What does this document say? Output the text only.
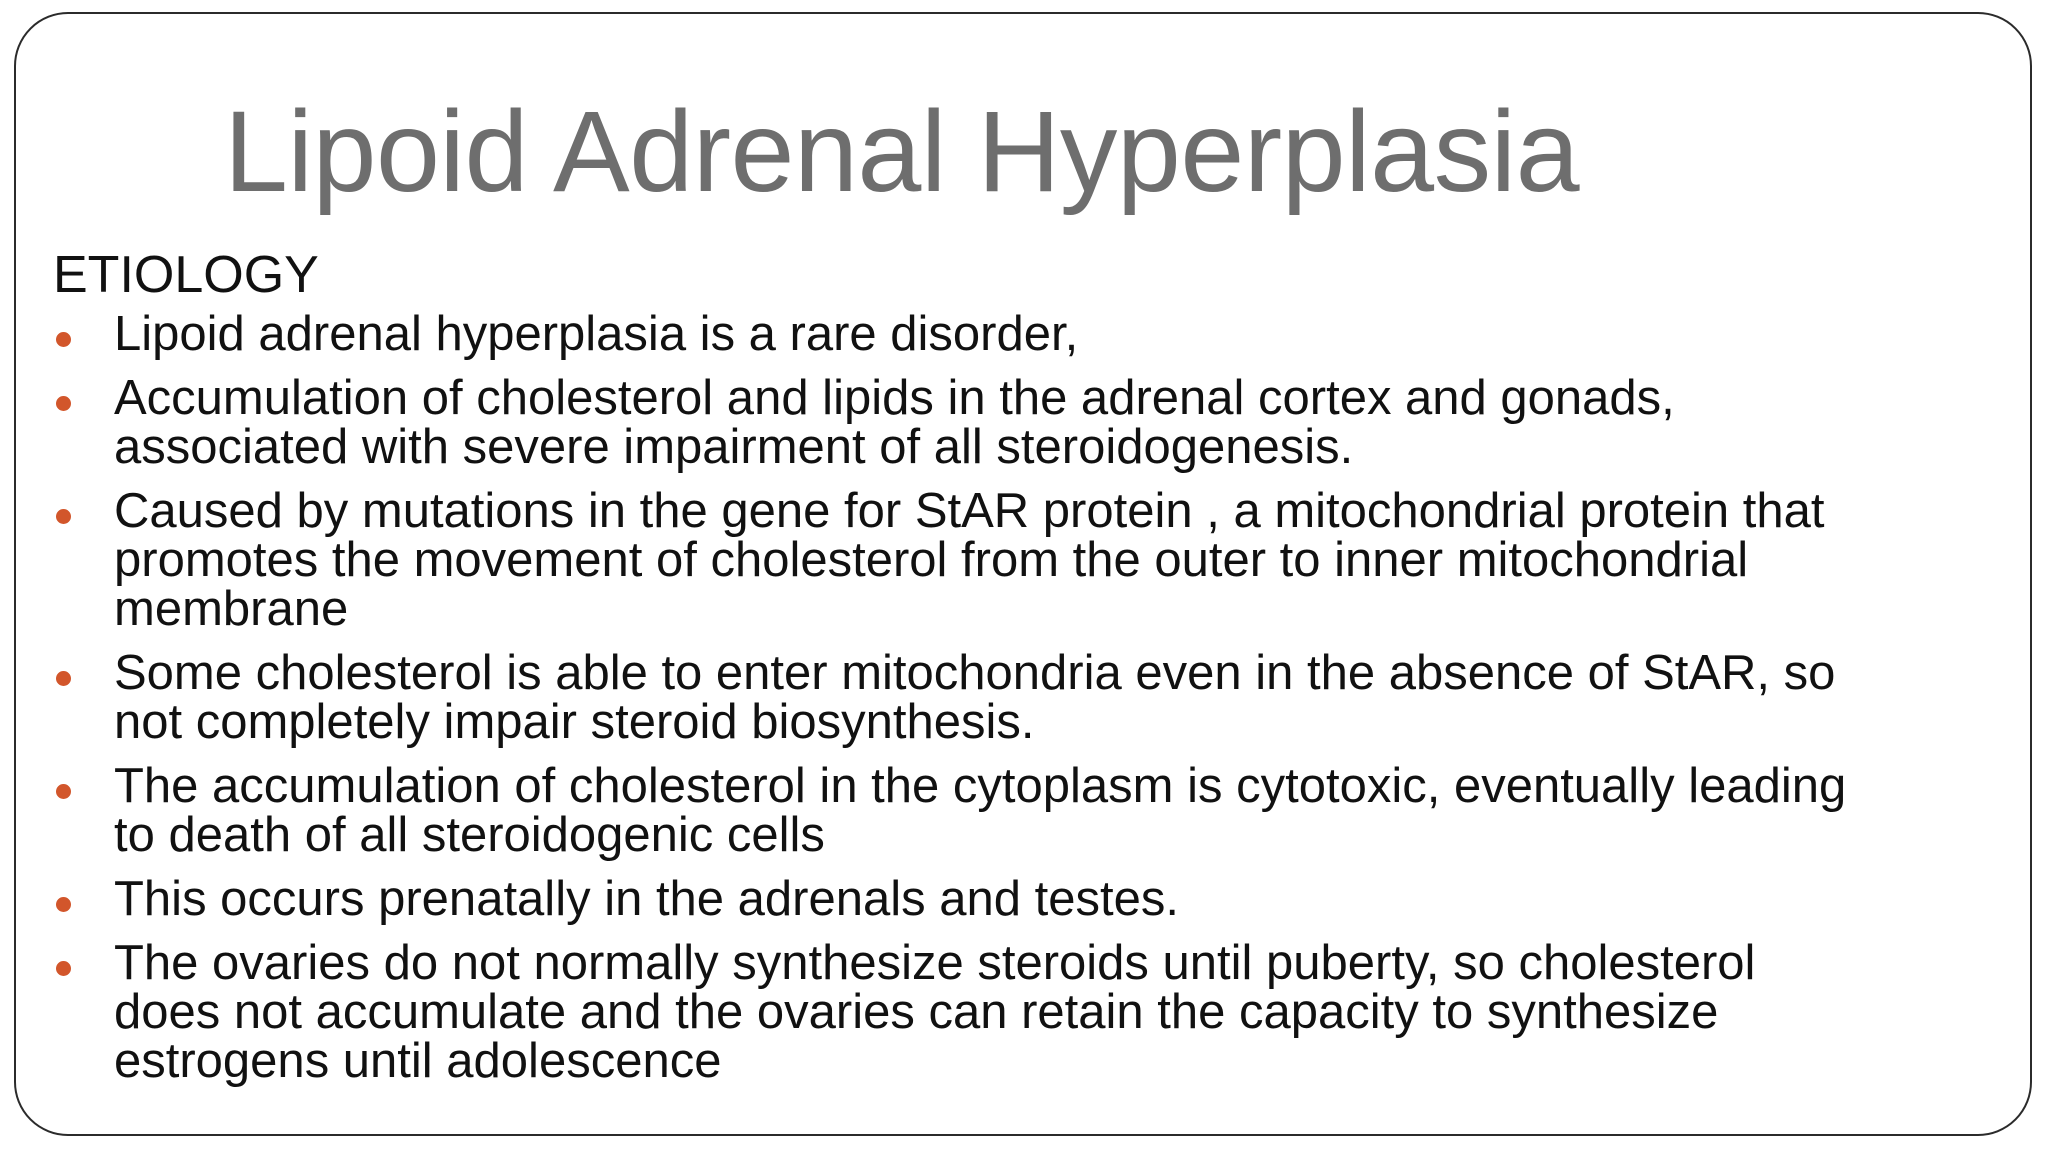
Lipoid Adrenal Hyperplasia
ETIOLOGY
Lipoid adrenal hyperplasia is a rare disorder,
Accumulation of cholesterol and lipids in the adrenal cortex and gonads,
associated with severe impairment of all steroidogenesis.
Caused by mutations in the gene for StAR protein , a mitochondrial protein that
promotes the movement of cholesterol from the outer to inner mitochondrial
membrane
Some cholesterol is able to enter mitochondria even in the absence of StAR, so
not completely impair steroid biosynthesis.
The accumulation of cholesterol in the cytoplasm is cytotoxic, eventually leading
to death of all steroidogenic cells
This occurs prenatally in the adrenals and testes.
The ovaries do not normally synthesize steroids until puberty, so cholesterol
does not accumulate and the ovaries can retain the capacity to synthesize
estrogens until adolescence
